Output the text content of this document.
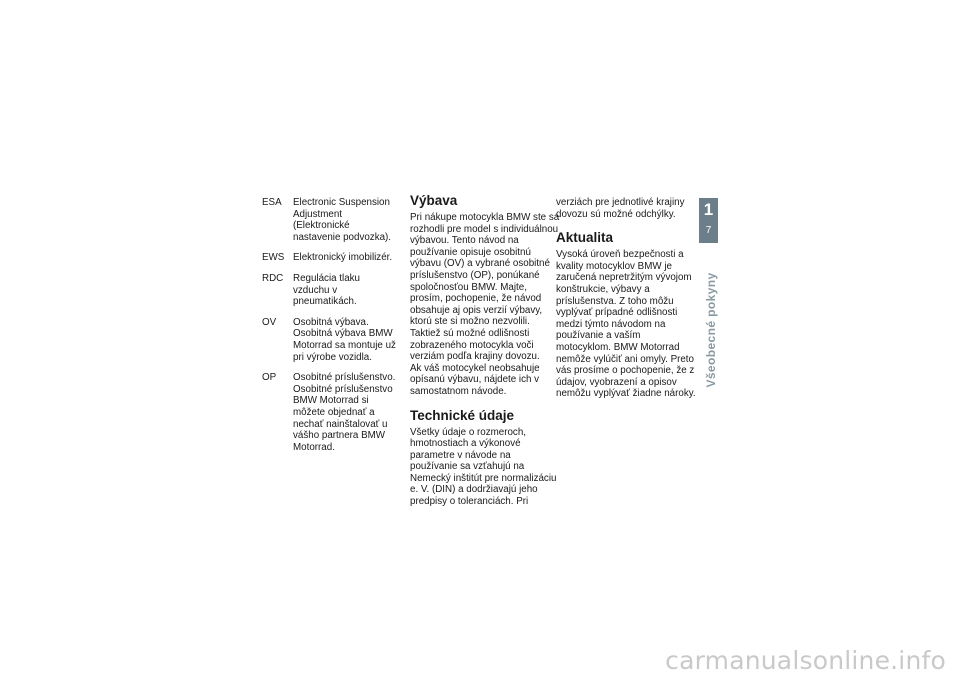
ESA	Electronic Suspension Adjustment (Elektronické nastavenie podvozka).
EWS Elektronický imobilizér.
RDC Regulácia tlaku vzduchu v pneumatikách.
OV	Osobitná výbava.
Osobitná výbava BMW Motorrad sa montuje už pri výrobe vozidla.
OP	Osobitné príslušenstvo.
Osobitné príslušenstvo BMW Motorrad si môžete objednať a nechať nainštalovať u vášho partnera BMW Motorrad.
Výbava

Pri nákupe motocykla BMW ste sa rozhodli pre model s individuálnou výbavou. Tento návod na používanie opisuje osobitnú výbavu (OV) a vybrané osobitné príslušenstvo (OP), ponúkané spoločnosťou BMW. Majte, prosím, pochopenie, že návod obsahuje aj opis verzií výbavy, ktorú ste si možno nezvolili. Taktiež sú možné odlišnosti zobrazeného motocykla voči verziám podľa krajiny dovozu.
Ak váš motocykel neobsahuje opísanú výbavu, nájdete ich v samostatnom návode.

Technické údaje

Všetky údaje o rozmeroch, hmotnostiach a výkonové parametre v návode na používanie sa vzťahujú na Nemecký inštitút pre normalizáciu e. V. (DIN) a dodržiavajú jeho predpisy o toleranciách. Pri

verziách pre jednotlivé krajiny dovozu sú možné odchýlky.

Aktualita

Vysoká úroveň bezpečnosti a kvality motocyklov BMW je zaručená nepretržitým vývojom konštrukcie, výbavy a príslušenstva. Z toho môžu vyplývať prípadné odlišnosti medzi týmto návodom na používanie a vaším motocyklom. BMW Motorrad nemôže vylúčiť ani omyly. Preto vás prosíme o pochopenie, že z údajov, vyobrazení a opisov nemôžu vyplývať žiadne nároky.

1
7
Všeobecné pokyny
carmanualsonline.info
